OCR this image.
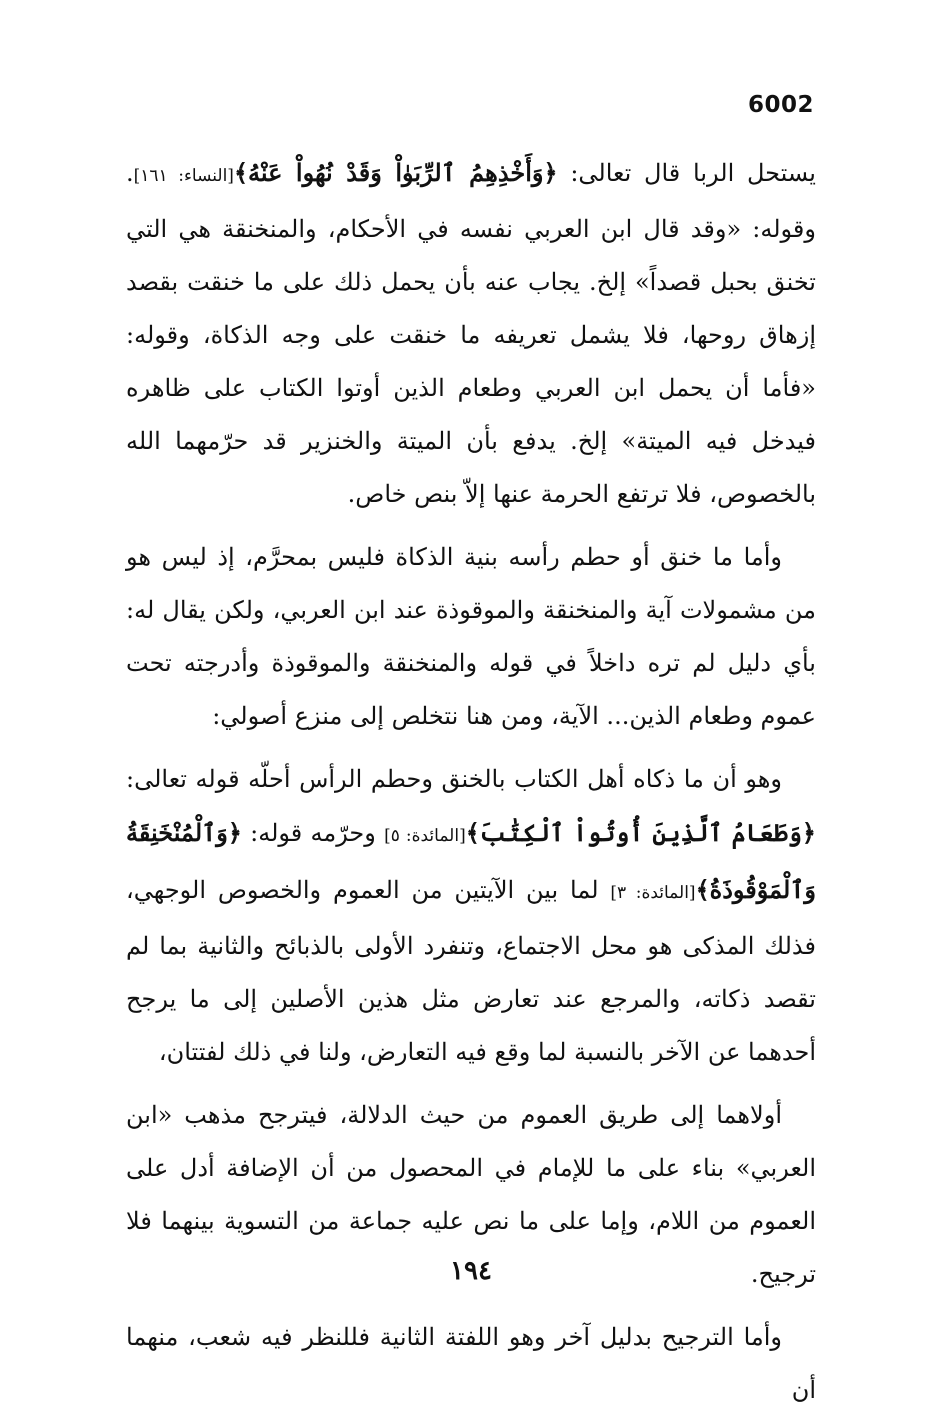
6002

يستحل الربا قال تعالى: ﴿وَأَخْذِهِمُ ٱلرِّبَوٰاْ وَقَدْ نُهُواْ عَنْهُ﴾[النساء: ١٦١]. وقوله: «وقد قال ابن العربي نفسه في الأحكام، والمنخنقة هي التي تخنق بحبل قصداً» إلخ. يجاب عنه بأن يحمل ذلك على ما خنقت بقصد إزهاق روحها، فلا يشمل تعريفه ما خنقت على وجه الذكاة، وقوله: «فأما أن يحمل ابن العربي وطعام الذين أوتوا الكتاب على ظاهره فيدخل فيه الميتة» إلخ. يدفع بأن الميتة والخنزير قد حرّمهما الله بالخصوص، فلا ترتفع الحرمة عنها إلاّ بنص خاص.

وأما ما خنق أو حطم رأسه بنية الذكاة فليس بمحرَّم، إذ ليس هو من مشمولات آية والمنخنقة والموقوذة عند ابن العربي، ولكن يقال له: بأي دليل لم تره داخلاً في قوله والمنخنقة والموقوذة وأدرجته تحت عموم وطعام الذين... الآية، ومن هنا نتخلص إلى منزع أصولي:

وهو أن ما ذكاه أهل الكتاب بالخنق وحطم الرأس أحلّه قوله تعالى: ﴿وَطَعَامُ ٱلَّذِينَ أُوتُواْ ٱلْكِتَٰبَ﴾[المائدة: ٥] وحرّمه قوله: ﴿وَٱلْمُنْخَنِقَةُ وَٱلْمَوْقُوذَةُ﴾[المائدة: ٣] لما بين الآيتين من العموم والخصوص الوجهي، فذلك المذكى هو محل الاجتماع، وتنفرد الأولى بالذبائح والثانية بما لم تقصد ذكاته، والمرجع عند تعارض مثل هذين الأصلين إلى ما يرجح أحدهما عن الآخر بالنسبة لما وقع فيه التعارض، ولنا في ذلك لفتتان،

أولاهما إلى طريق العموم من حيث الدلالة، فيترجح مذهب «ابن العربي» بناء على ما للإمام في المحصول من أن الإضافة أدل على العموم من اللام، وإما على ما نص عليه جماعة من التسوية بينهما فلا ترجيح.

وأما الترجيح بدليل آخر وهو اللفتة الثانية فللنظر فيه شعب، منهما أن

١٩٤
